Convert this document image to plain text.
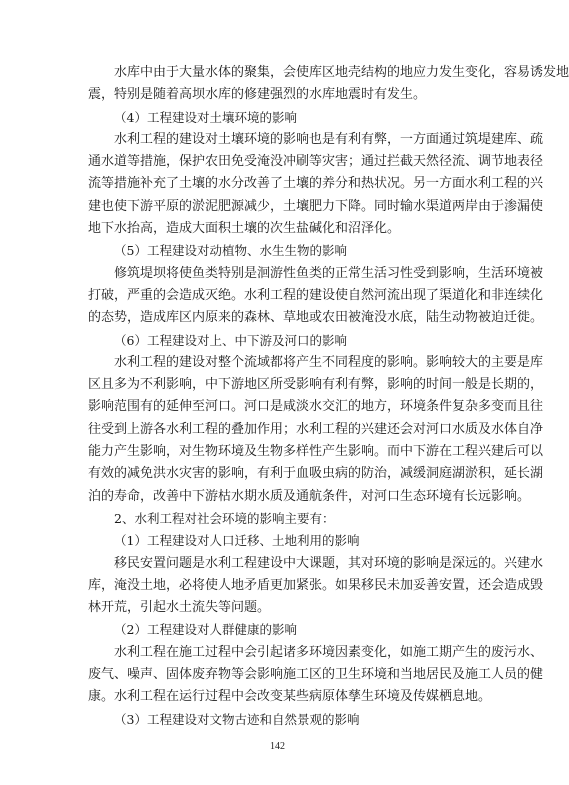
水库中由于大量水体的聚集，会使库区地壳结构的地应力发生变化，容易诱发地
震，特别是随着高坝水库的修建强烈的水库地震时有发生。
（4）工程建设对土壤环境的影响
水利工程的建设对土壤环境的影响也是有利有弊，一方面通过筑堤建库、疏
通水道等措施，保护农田免受淹没冲刷等灾害；通过拦截天然径流、调节地表径
流等措施补充了土壤的水分改善了土壤的养分和热状况。另一方面水利工程的兴
建也使下游平原的淤泥肥源减少，土壤肥力下降。同时输水渠道两岸由于渗漏使
地下水抬高，造成大面积土壤的次生盐碱化和沼泽化。
（5）工程建设对动植物、水生生物的影响
修筑堤坝将使鱼类特别是洄游性鱼类的正常生活习性受到影响，生活环境被
打破，严重的会造成灭绝。水利工程的建设使自然河流出现了渠道化和非连续化
的态势，造成库区内原来的森林、草地或农田被淹没水底，陆生动物被迫迁徙。
（6）工程建设对上、中下游及河口的影响
水利工程的建设对整个流域都将产生不同程度的影响。影响较大的主要是库
区且多为不利影响，中下游地区所受影响有利有弊，影响的时间一般是长期的，
影响范围有的延伸至河口。河口是咸淡水交汇的地方，环境条件复杂多变而且往
往受到上游各水利工程的叠加作用；水利工程的兴建还会对河口水质及水体自净
能力产生影响，对生物环境及生物多样性产生影响。而中下游在工程兴建后可以
有效的减免洪水灾害的影响，有利于血吸虫病的防治，减缓洞庭湖淤积，延长湖
泊的寿命，改善中下游枯水期水质及通航条件，对河口生态环境有长远影响。
2、水利工程对社会环境的影响主要有：
（1）工程建设对人口迁移、土地利用的影响
移民安置问题是水利工程建设中大课题，其对环境的影响是深远的。兴建水
库，淹没土地，必将使人地矛盾更加紧张。如果移民未加妥善安置，还会造成毁
林开荒，引起水土流失等问题。
（2）工程建设对人群健康的影响
水利工程在施工过程中会引起诸多环境因素变化，如施工期产生的废污水、
废气、噪声、固体废弃物等会影响施工区的卫生环境和当地居民及施工人员的健
康。水利工程在运行过程中会改变某些病原体孳生环境及传媒栖息地。
（3）工程建设对文物古迹和自然景观的影响
142
